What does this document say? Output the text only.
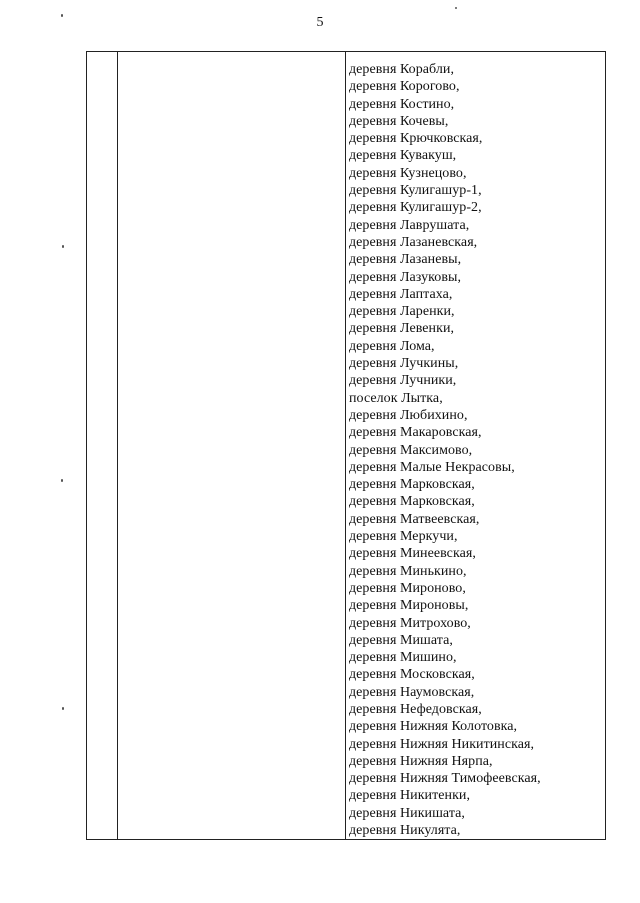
5
деревня Корабли,
деревня Корогово,
деревня Костино,
деревня Кочевы,
деревня Крючковская,
деревня Кувакуш,
деревня Кузнецово,
деревня Кулигашур-1,
деревня Кулигашур-2,
деревня Лаврушата,
деревня Лазаневская,
деревня Лазаневы,
деревня Лазуковы,
деревня Лаптаха,
деревня Ларенки,
деревня Левенки,
деревня Лома,
деревня Лучкины,
деревня Лучники,
поселок Лытка,
деревня Любихино,
деревня Макаровская,
деревня Максимово,
деревня Малые Некрасовы,
деревня Марковская,
деревня Марковская,
деревня Матвеевская,
деревня Меркучи,
деревня Минеевская,
деревня Минькино,
деревня Мироново,
деревня Мироновы,
деревня Митрохово,
деревня Мишата,
деревня Мишино,
деревня Московская,
деревня Наумовская,
деревня Нефедовская,
деревня Нижняя Колотовка,
деревня Нижняя Никитинская,
деревня Нижняя Нярпа,
деревня Нижняя Тимофеевская,
деревня Никитенки,
деревня Никишата,
деревня Никулята,
